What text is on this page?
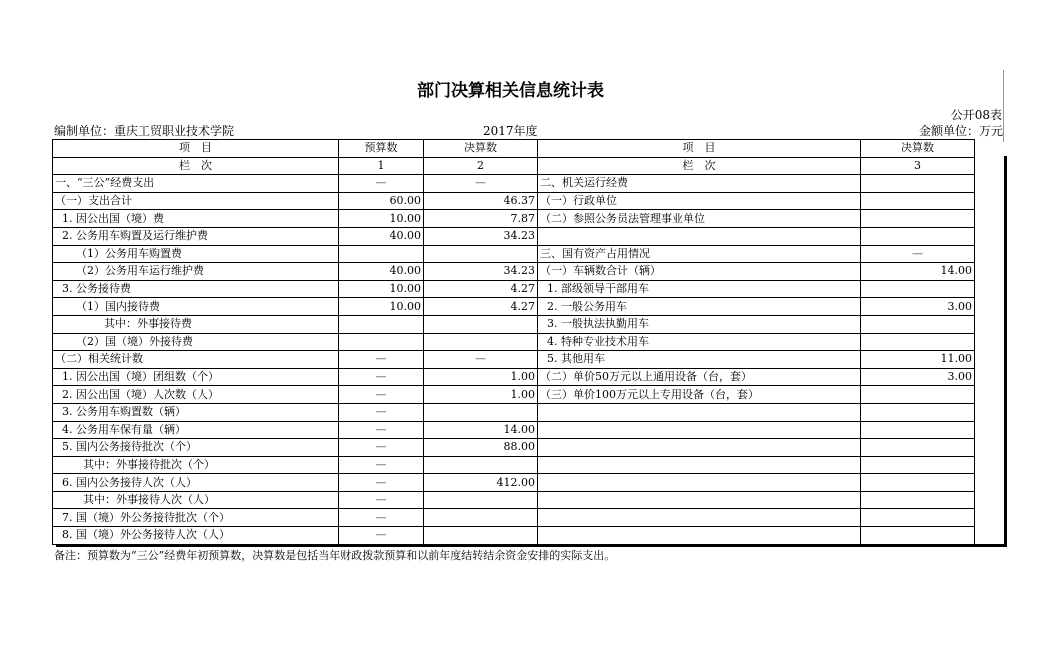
部门决算相关信息统计表
公开08表
编制单位：重庆工贸职业技术学院	2017年度	金额单位：万元
项　目	预算数	决算数	项　目	决算数
栏　次	1	2	栏　次	3
一、“三公”经费支出	—	—	二、机关运行经费	
（一）支出合计	60.00	46.37	（一）行政单位	
1. 因公出国（境）费	10.00	7.87	（二）参照公务员法管理事业单位	
2. 公务用车购置及运行维护费	40.00	34.23		
（1）公务用车购置费			三、国有资产占用情况	—
（2）公务用车运行维护费	40.00	34.23	（一）车辆数合计（辆）	14.00
3. 公务接待费	10.00	4.27	1. 部级领导干部用车	
（1）国内接待费	10.00	4.27	2. 一般公务用车	3.00
其中：外事接待费			3. 一般执法执勤用车	
（2）国（境）外接待费			4. 特种专业技术用车	
（二）相关统计数	—	—	5. 其他用车	11.00
1. 因公出国（境）团组数（个）	—	1.00	（二）单价50万元以上通用设备（台，套）	3.00
2. 因公出国（境）人次数（人）	—	1.00	（三）单价100万元以上专用设备（台，套）	
3. 公务用车购置数（辆）	—			
4. 公务用车保有量（辆）	—	14.00		
5. 国内公务接待批次（个）	—	88.00		
其中：外事接待批次（个）	—			
6. 国内公务接待人次（人）	—	412.00		
其中：外事接待人次（人）	—			
7. 国（境）外公务接待批次（个）	—			
8. 国（境）外公务接待人次（人）	—			
备注：预算数为“三公”经费年初预算数，决算数是包括当年财政拨款预算和以前年度结转结余资金安排的实际支出。
